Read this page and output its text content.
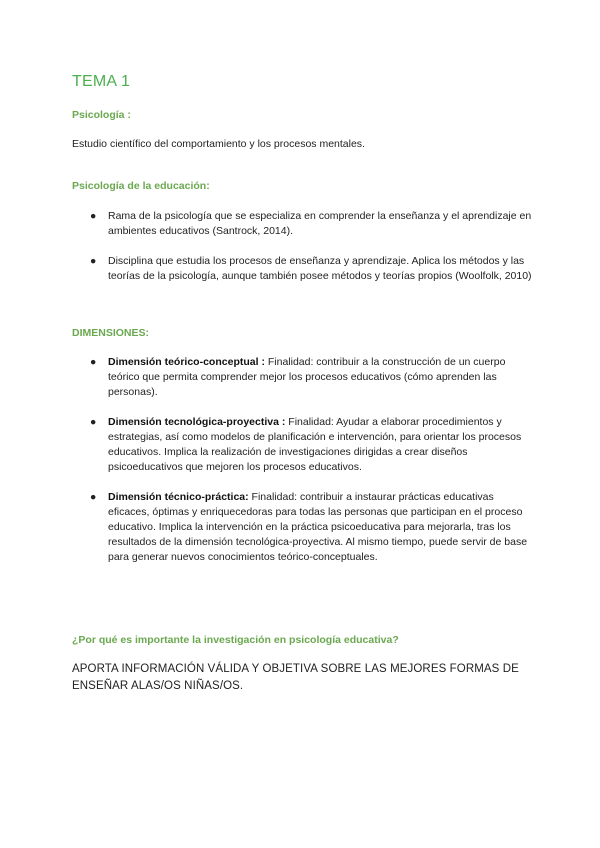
TEMA 1
Psicología :
Estudio científico del comportamiento y los procesos mentales.
Psicología de la educación:
● Rama de la psicología que se especializa en comprender la enseñanza y el aprendizaje en ambientes educativos (Santrock, 2014).
● Disciplina que estudia los procesos de enseñanza y aprendizaje. Aplica los métodos y las teorías de la psicología, aunque también posee métodos y teorías propios (Woolfolk, 2010)
DIMENSIONES:
● Dimensión teórico-conceptual : Finalidad: contribuir a la construcción de un cuerpo teórico que permita comprender mejor los procesos educativos (cómo aprenden las personas).
● Dimensión tecnológica-proyectiva : Finalidad: Ayudar a elaborar procedimientos y estrategias, así como modelos de planificación e intervención, para orientar los procesos educativos. Implica la realización de investigaciones dirigidas a crear diseños psicoeducativos que mejoren los procesos educativos.
● Dimensión técnico-práctica: Finalidad: contribuir a instaurar prácticas educativas eficaces, óptimas y enriquecedoras para todas las personas que participan en el proceso educativo. Implica la intervención en la práctica psicoeducativa para mejorarla, tras los resultados de la dimensión tecnológica-proyectiva. Al mismo tiempo, puede servir de base para generar nuevos conocimientos teórico-conceptuales.
¿Por qué es importante la investigación en psicología educativa?
APORTA INFORMACIÓN VÁLIDA Y OBJETIVA SOBRE LAS MEJORES FORMAS DE ENSEÑAR ALAS/OS NIÑAS/OS.
